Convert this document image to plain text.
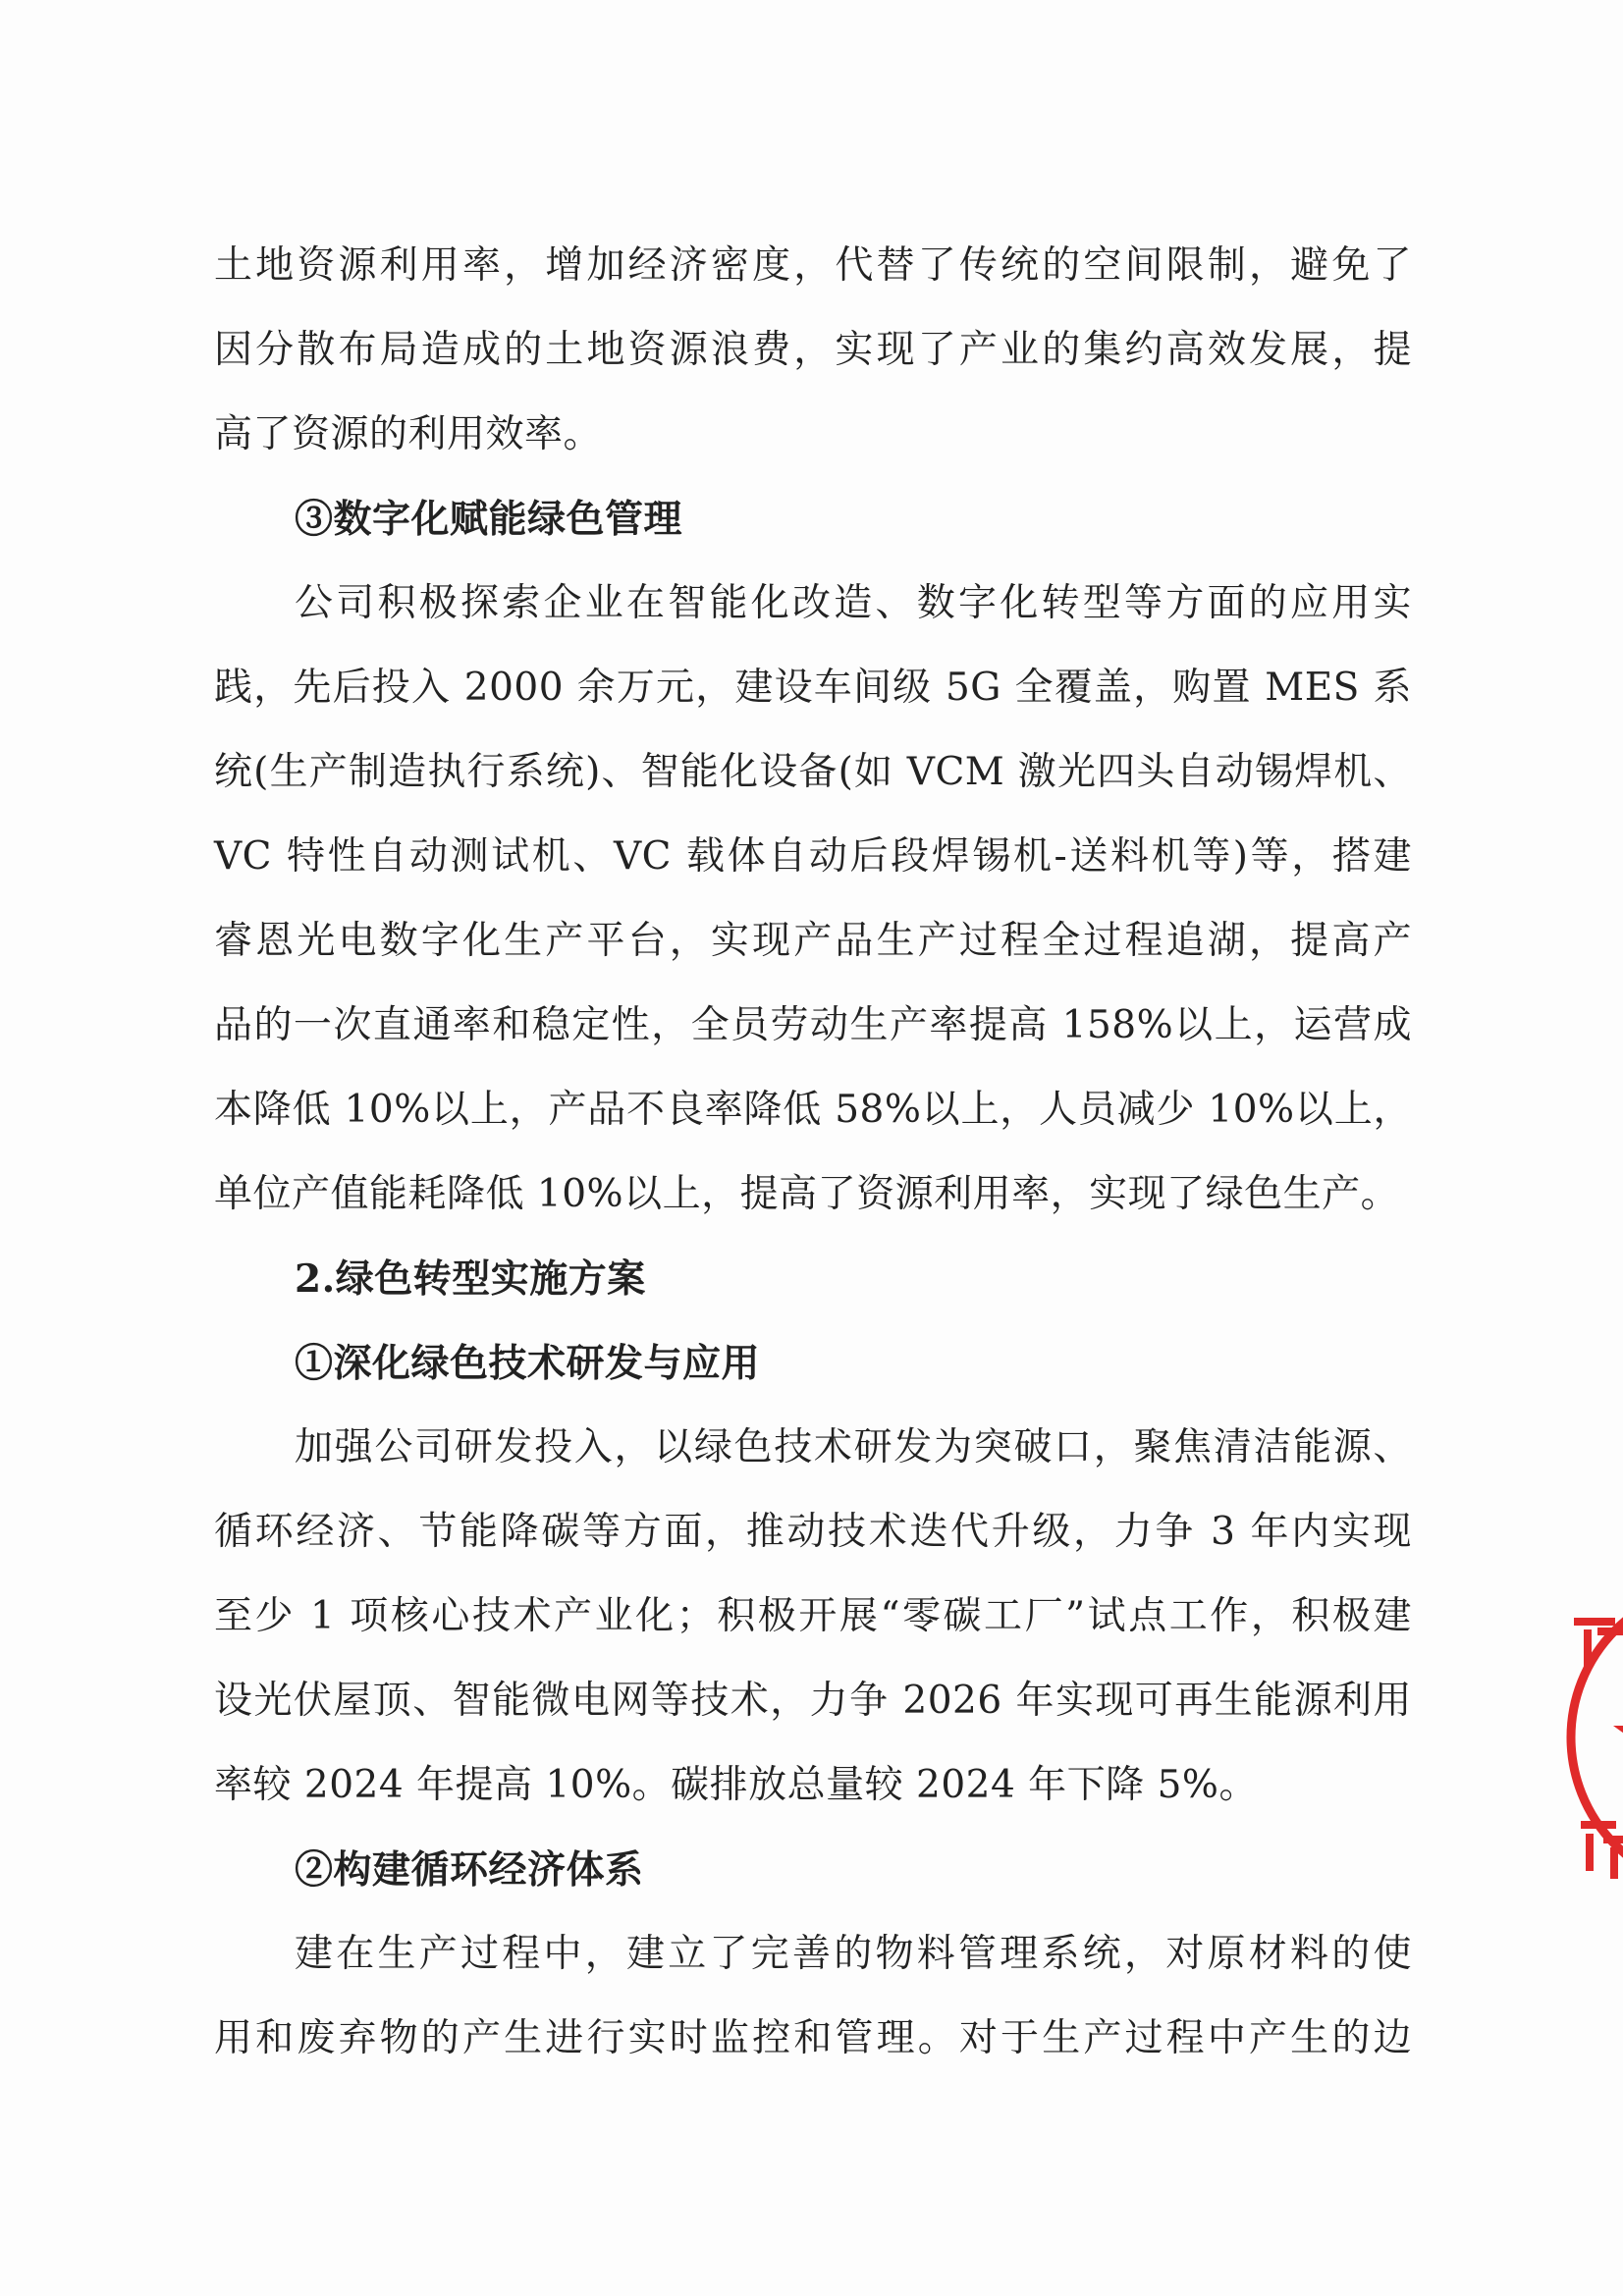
土地资源利用率，增加经济密度，代替了传统的空间限制，避免了
因分散布局造成的土地资源浪费，实现了产业的集约高效发展，提
高了资源的利用效率。
③数字化赋能绿色管理
公司积极探索企业在智能化改造、数字化转型等方面的应用实
践，先后投入 2000 余万元，建设车间级 5G 全覆盖，购置 MES 系
统(生产制造执行系统)、智能化设备(如 VCM 激光四头自动锡焊机、
VC 特性自动测试机、VC 载体自动后段焊锡机-送料机等)等，搭建
睿恩光电数字化生产平台，实现产品生产过程全过程追湖，提高产
品的一次直通率和稳定性，全员劳动生产率提高 158%以上，运营成
本降低 10%以上，产品不良率降低 58%以上，人员减少 10%以上，
单位产值能耗降低 10%以上，提高了资源利用率，实现了绿色生产。
2.绿色转型实施方案
①深化绿色技术研发与应用
加强公司研发投入，以绿色技术研发为突破口，聚焦清洁能源、
循环经济、节能降碳等方面，推动技术迭代升级，力争 3 年内实现
至少 1 项核心技术产业化；积极开展“零碳工厂”试点工作，积极建
设光伏屋顶、智能微电网等技术，力争 2026 年实现可再生能源利用
率较 2024 年提高 10%。碳排放总量较 2024 年下降 5%。
②构建循环经济体系
建在生产过程中，建立了完善的物料管理系统，对原材料的使
用和废弃物的产生进行实时监控和管理。对于生产过程中产生的边
